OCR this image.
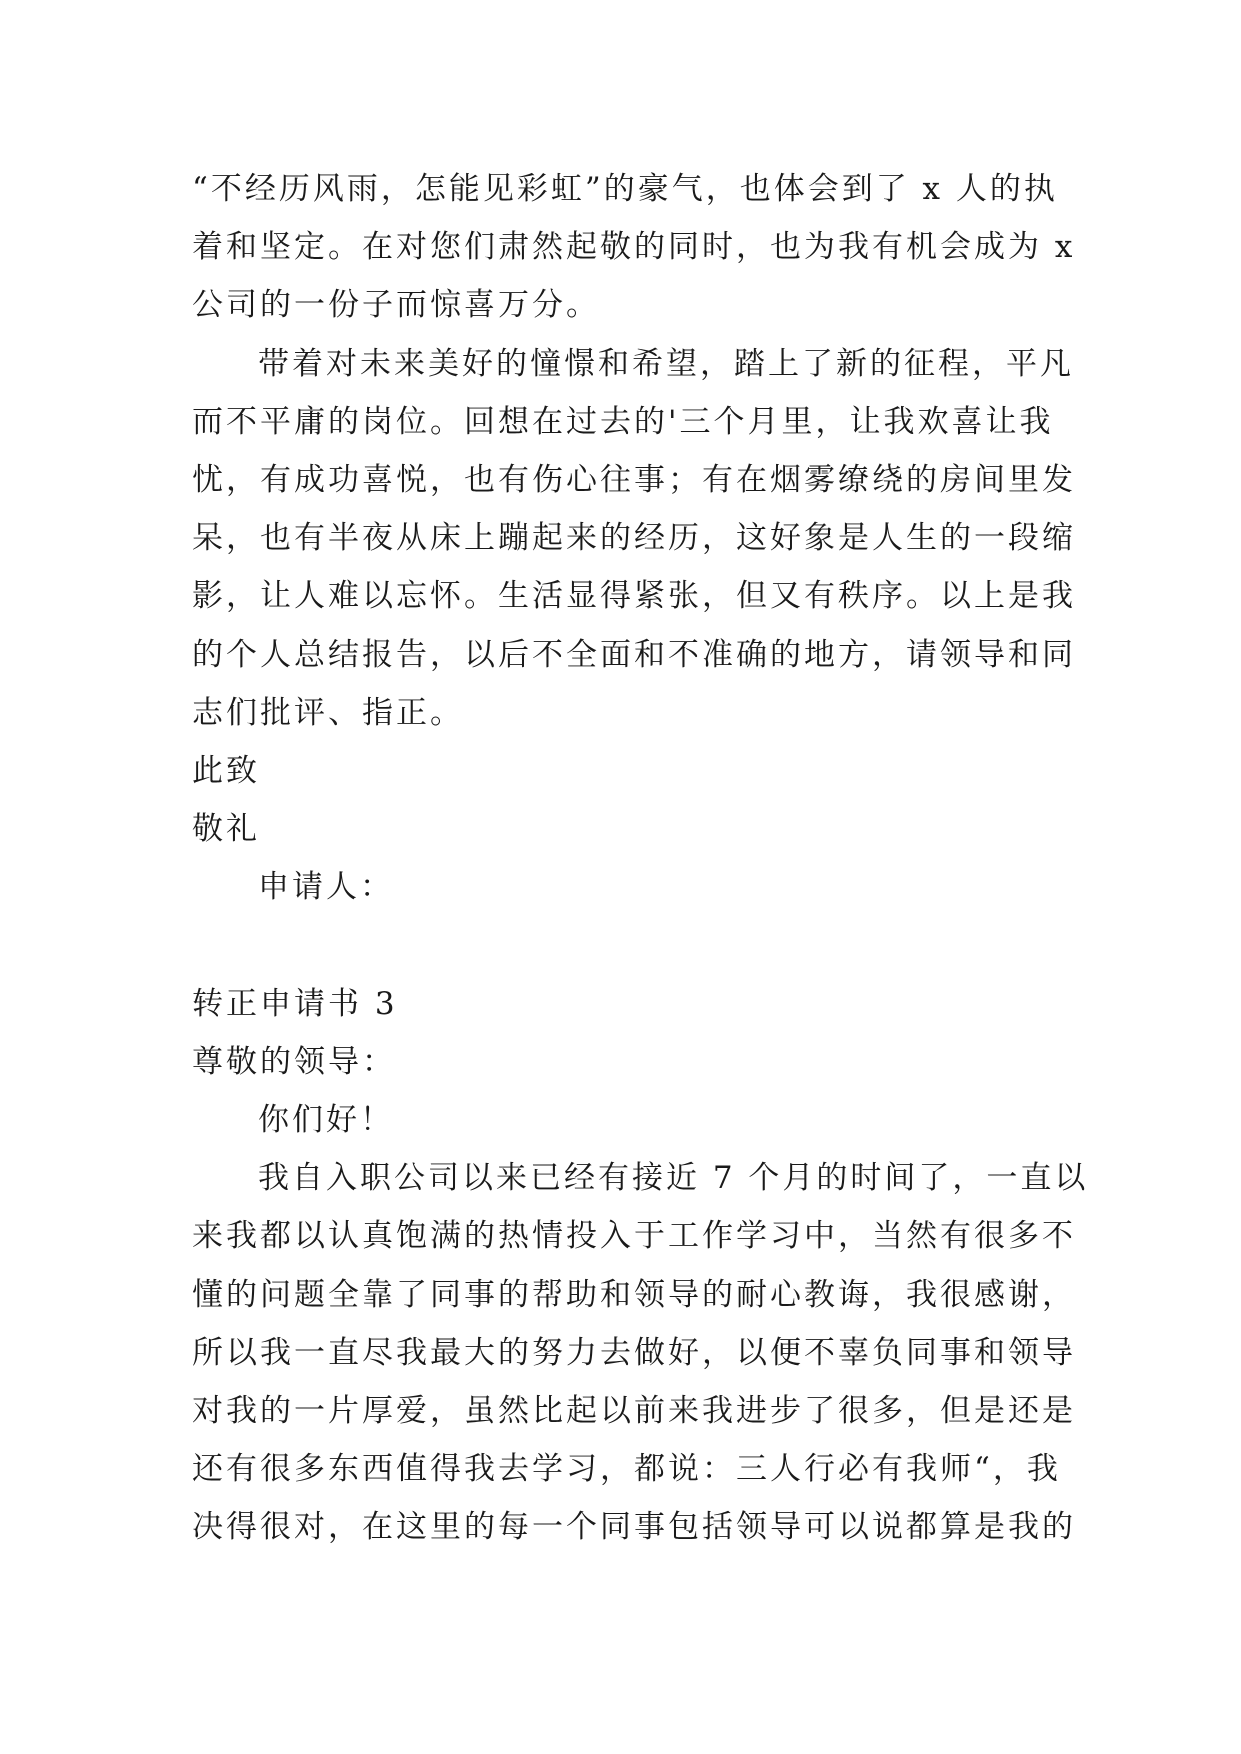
“不经历风雨，怎能见彩虹”的豪气，也体会到了 x 人的执
着和坚定。在对您们肃然起敬的同时，也为我有机会成为 x
公司的一份子而惊喜万分。
带着对未来美好的憧憬和希望，踏上了新的征程，平凡
而不平庸的岗位。回想在过去的'三个月里，让我欢喜让我
忧，有成功喜悦，也有伤心往事；有在烟雾缭绕的房间里发
呆，也有半夜从床上蹦起来的经历，这好象是人生的一段缩
影，让人难以忘怀。生活显得紧张，但又有秩序。以上是我
的个人总结报告，以后不全面和不准确的地方，请领导和同
志们批评、指正。
此致
敬礼
申请人：
转正申请书 3
尊敬的领导：
你们好！
我自入职公司以来已经有接近 7 个月的时间了，一直以
来我都以认真饱满的热情投入于工作学习中，当然有很多不
懂的问题全靠了同事的帮助和领导的耐心教诲，我很感谢，
所以我一直尽我最大的努力去做好，以便不辜负同事和领导
对我的一片厚爱，虽然比起以前来我进步了很多，但是还是
还有很多东西值得我去学习，都说：三人行必有我师“，我
决得很对，在这里的每一个同事包括领导可以说都算是我的
